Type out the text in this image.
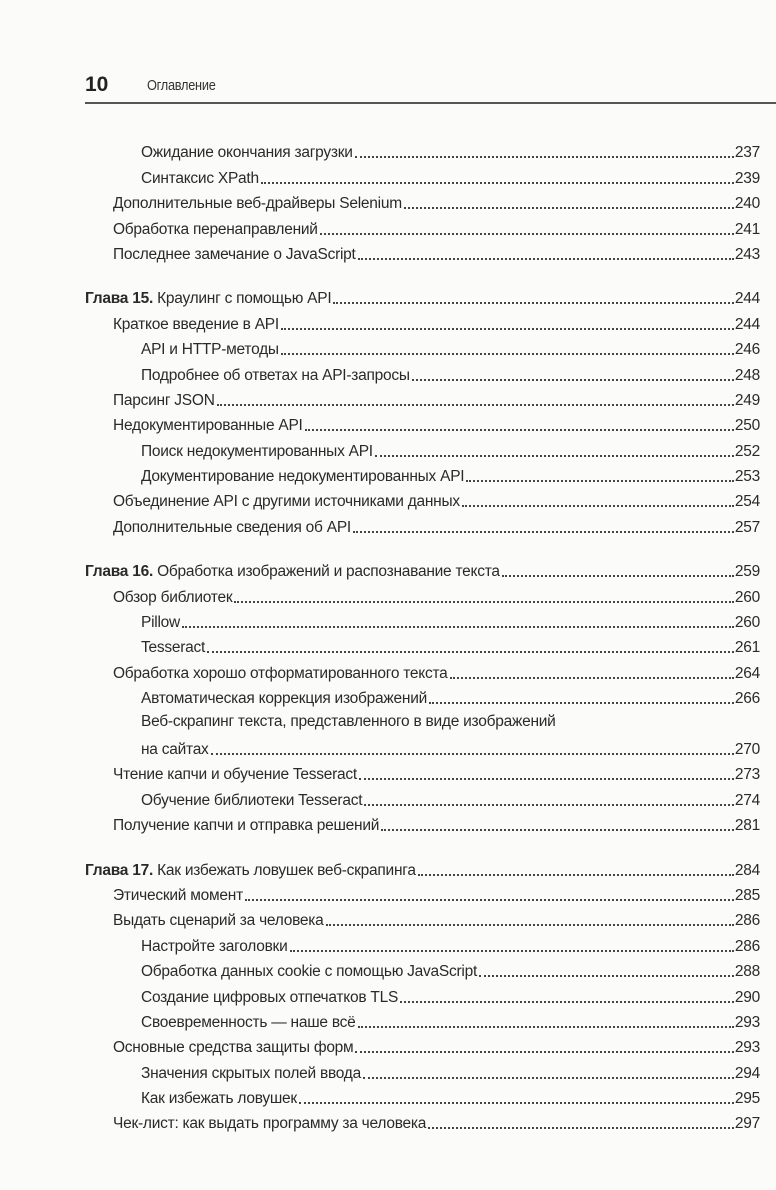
10	Оглавление
Ожидание окончания загрузки	237
Синтаксис XPath	239
Дополнительные веб-драйверы Selenium	240
Обработка перенаправлений	241
Последнее замечание о JavaScript	243
Глава 15. Краулинг с помощью API	244
Краткое введение в API	244
API и HTTP-методы	246
Подробнее об ответах на API-запросы	248
Парсинг JSON	249
Недокументированные API	250
Поиск недокументированных API	252
Документирование недокументированных API	253
Объединение API с другими источниками данных	254
Дополнительные сведения об API	257
Глава 16. Обработка изображений и распознавание текста	259
Обзор библиотек	260
Pillow	260
Tesseract	261
Обработка хорошо отформатированного текста	264
Автоматическая коррекция изображений	266
Веб-скрапинг текста, представленного в виде изображений
на сайтах	270
Чтение капчи и обучение Tesseract	273
Обучение библиотеки Tesseract	274
Получение капчи и отправка решений	281
Глава 17. Как избежать ловушек веб-скрапинга	284
Этический момент	285
Выдать сценарий за человека	286
Настройте заголовки	286
Обработка данных cookie с помощью JavaScript	288
Создание цифровых отпечатков TLS	290
Своевременность — наше всё	293
Основные средства защиты форм	293
Значения скрытых полей ввода	294
Как избежать ловушек	295
Чек-лист: как выдать программу за человека	297
